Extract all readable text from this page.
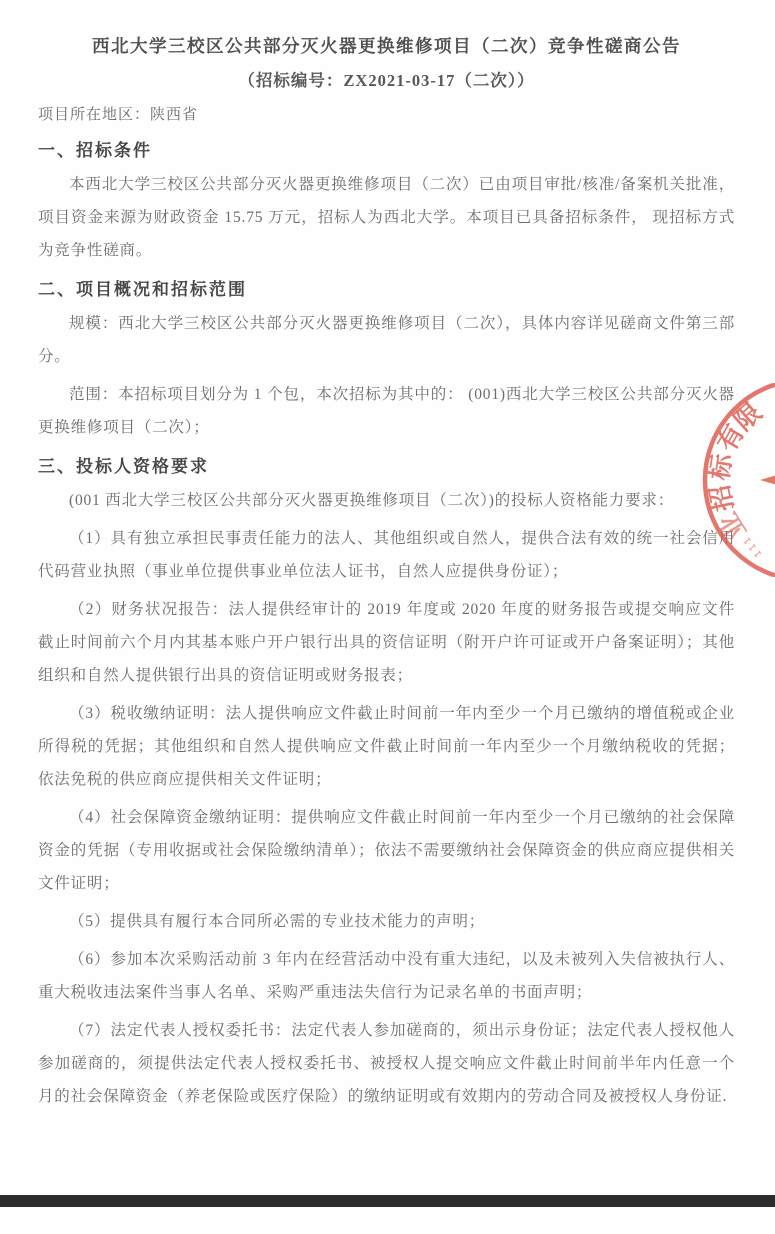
西北大学三校区公共部分灭火器更换维修项目（二次）竞争性磋商公告
（招标编号：ZX2021-03-17（二次））

项目所在地区：陕西省

一、招标条件

本西北大学三校区公共部分灭火器更换维修项目（二次）已由项目审批/核准/备案机关批准，项目资金来源为财政资金 15.75 万元，招标人为西北大学。本项目已具备招标条件， 现招标方式为竞争性磋商。

二、项目概况和招标范围

规模：西北大学三校区公共部分灭火器更换维修项目（二次），具体内容详见磋商文件第三部分。

范围：本招标项目划分为 1 个包，本次招标为其中的： (001)西北大学三校区公共部分灭火器更换维修项目（二次）；

三、投标人资格要求

(001 西北大学三校区公共部分灭火器更换维修项目（二次）)的投标人资格能力要求：

（1）具有独立承担民事责任能力的法人、其他组织或自然人，提供合法有效的统一社会信用代码营业执照（事业单位提供事业单位法人证书，自然人应提供身份证）；

（2）财务状况报告：法人提供经审计的 2019 年度或 2020 年度的财务报告或提交响应文件截止时间前六个月内其基本账户开户银行出具的资信证明（附开户许可证或开户备案证明）；其他组织和自然人提供银行出具的资信证明或财务报表；

（3）税收缴纳证明：法人提供响应文件截止时间前一年内至少一个月已缴纳的增值税或企业所得税的凭据；其他组织和自然人提供响应文件截止时间前一年内至少一个月缴纳税收的凭据；依法免税的供应商应提供相关文件证明；

（4）社会保障资金缴纳证明：提供响应文件截止时间前一年内至少一个月已缴纳的社会保障资金的凭据（专用收据或社会保险缴纳清单）；依法不需要缴纳社会保障资金的供应商应提供相关文件证明；

（5）提供具有履行本合同所必需的专业技术能力的声明；

（6）参加本次采购活动前 3 年内在经营活动中没有重大违纪，以及未被列入失信被执行人、重大税收违法案件当事人名单、采购严重违法失信行为记录名单的书面声明；

（7）法定代表人授权委托书：法定代表人参加磋商的，须出示身份证；法定代表人授权他人参加磋商的，须提供法定代表人授权委托书、被授权人提交响应文件截止时间前半年内任意一个月的社会保障资金（养老保险或医疗保险）的缴纳证明或有效期内的劳动合同及被授权人身份证.

限
有
标
招
业
1 1 1
